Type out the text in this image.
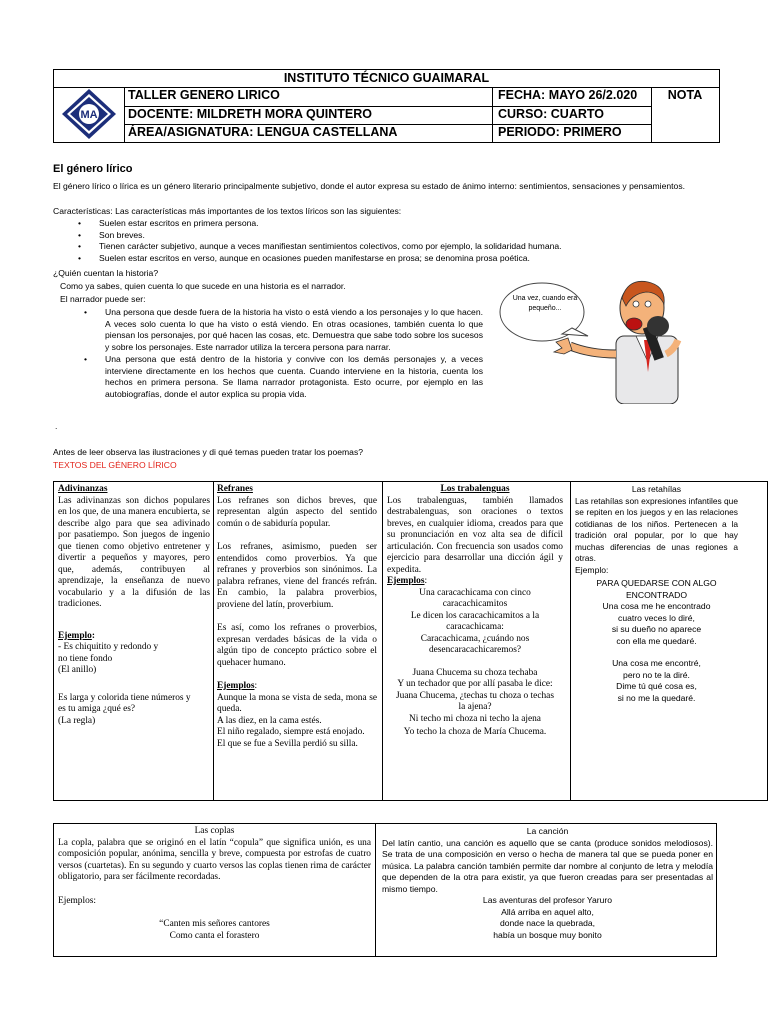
INSTITUTO TÉCNICO GUAIMARAL
TALLER GENERO LIRICO
DOCENTE: MILDRETH MORA QUINTERO
ÁREA/ASIGNATURA: LENGUA CASTELLANA
FECHA: MAYO 26/2.020
CURSO: CUARTO
PERIODO: PRIMERO
NOTA
MA
El género lírico
El género lírico o lírica es un género literario principalmente subjetivo, donde el autor expresa su estado de ánimo interno: sentimientos, sensaciones y pensamientos.
Características: Las características más importantes de los textos líricos son las siguientes:
• Suelen estar escritos en primera persona.
• Son breves.
• Tienen carácter subjetivo, aunque a veces manifiestan sentimientos colectivos, como por ejemplo, la solidaridad humana.
• Suelen estar escritos en verso, aunque en ocasiones pueden manifestarse en prosa; se denomina prosa poética.
¿Quién cuentan la historia?
Como ya sabes, quien cuenta lo que sucede en una historia es el narrador.
El narrador puede ser:
• Una persona que desde fuera de la historia ha visto o está viendo a los personajes y lo que hacen. A veces solo cuenta lo que ha visto o está viendo. En otras ocasiones, también cuenta lo que piensan los personajes, por qué hacen las cosas, etc. Demuestra que sabe todo sobre los sucesos y sobre los personajes. Este narrador utiliza la tercera persona para narrar.
• Una persona que está dentro de la historia y convive con los demás personajes y, a veces interviene directamente en los hechos que cuenta. Cuando interviene en la historia, cuenta los hechos en primera persona. Se llama narrador protagonista. Esto ocurre, por ejemplo en las autobiografías, donde el autor explica su propia vida.
.
Una vez, cuando era pequeño...
Antes de leer observa las ilustraciones y di qué temas pueden tratar los poemas?
TEXTOS DEL GÉNERO LÍRICO
Adivinanzas
Las adivinanzas son dichos populares en los que, de una manera encubierta, se describe algo para que sea adivinado por pasatiempo. Son juegos de ingenio que tienen como objetivo entretener y divertir a pequeños y mayores, pero que, además, contribuyen al aprendizaje, la enseñanza de nuevo vocabulario y a la difusión de las tradiciones.
Ejemplo:
- Es chiquitito y redondo y
no tiene fondo
(El anillo)
Es larga y colorida tiene números y
es tu amiga ¿qué es?
(La regla)
Refranes
Los refranes son dichos breves, que representan algún aspecto del sentido común o de sabiduría popular.
Los refranes, asimismo, pueden ser entendidos como proverbios. Ya que refranes y proverbios son sinónimos. La palabra refranes, viene del francés refrán. En cambio, la palabra proverbios, proviene del latín, proverbium.
Es así, como los refranes o proverbios, expresan verdades básicas de la vida o algún tipo de concepto práctico sobre el quehacer humano.
Ejemplos:
Aunque la mona se vista de seda, mona se queda.
A las diez, en la cama estés.
El niño regalado, siempre está enojado.
El que se fue a Sevilla perdió su silla.
Los trabalenguas
Los trabalenguas, también llamados destrabalenguas, son oraciones o textos breves, en cualquier idioma, creados para que su pronunciación en voz alta sea de difícil articulación. Con frecuencia son usados como ejercicio para desarrollar una dicción ágil y expedita.
Ejemplos:
Una caracachicama con cinco
caracachicamitos
Le dicen los caracachicamitos a la
caracachicama:
Caracachicama, ¿cuándo nos
desencaracachicaremos?
Juana Chucema su choza techaba
Y un techador que por allí pasaba le dice:
Juana Chucema, ¿techas tu choza o techas
la ajena?
Ni techo mi choza ni techo la ajena
Yo techo la choza de María Chucema.
Las retahílas
Las retahílas son expresiones infantiles que se repiten en los juegos y en las relaciones cotidianas de los niños. Pertenecen a la tradición oral popular, por lo que hay muchas diferencias de unas regiones a otras.
Ejemplo:
PARA QUEDARSE CON ALGO
ENCONTRADO
Una cosa me he encontrado
cuatro veces lo diré,
si su dueño no aparece
con ella me quedaré.
Una cosa me encontré,
pero no te la diré.
Dime tú qué cosa es,
si no me la quedaré.
Las coplas
La copla, palabra que se originó en el latín “copula” que significa unión, es una composición popular, anónima, sencilla y breve, compuesta por estrofas de cuatro versos (cuartetas). En su segundo y cuarto versos las coplas tienen rima de carácter obligatorio, para ser fácilmente recordadas.
Ejemplos:
“Canten mis señores cantores
Como canta el forastero
La canción
Del latín cantio, una canción es aquello que se canta (produce sonidos melodiosos). Se trata de una composición en verso o hecha de manera tal que se pueda poner en música. La palabra canción también permite dar nombre al conjunto de letra y melodía que dependen de la otra para existir, ya que fueron creadas para ser presentadas al mismo tiempo.
Las aventuras del profesor Yaruro
Allá arriba en aquel alto,
donde nace la quebrada,
había un bosque muy bonito
